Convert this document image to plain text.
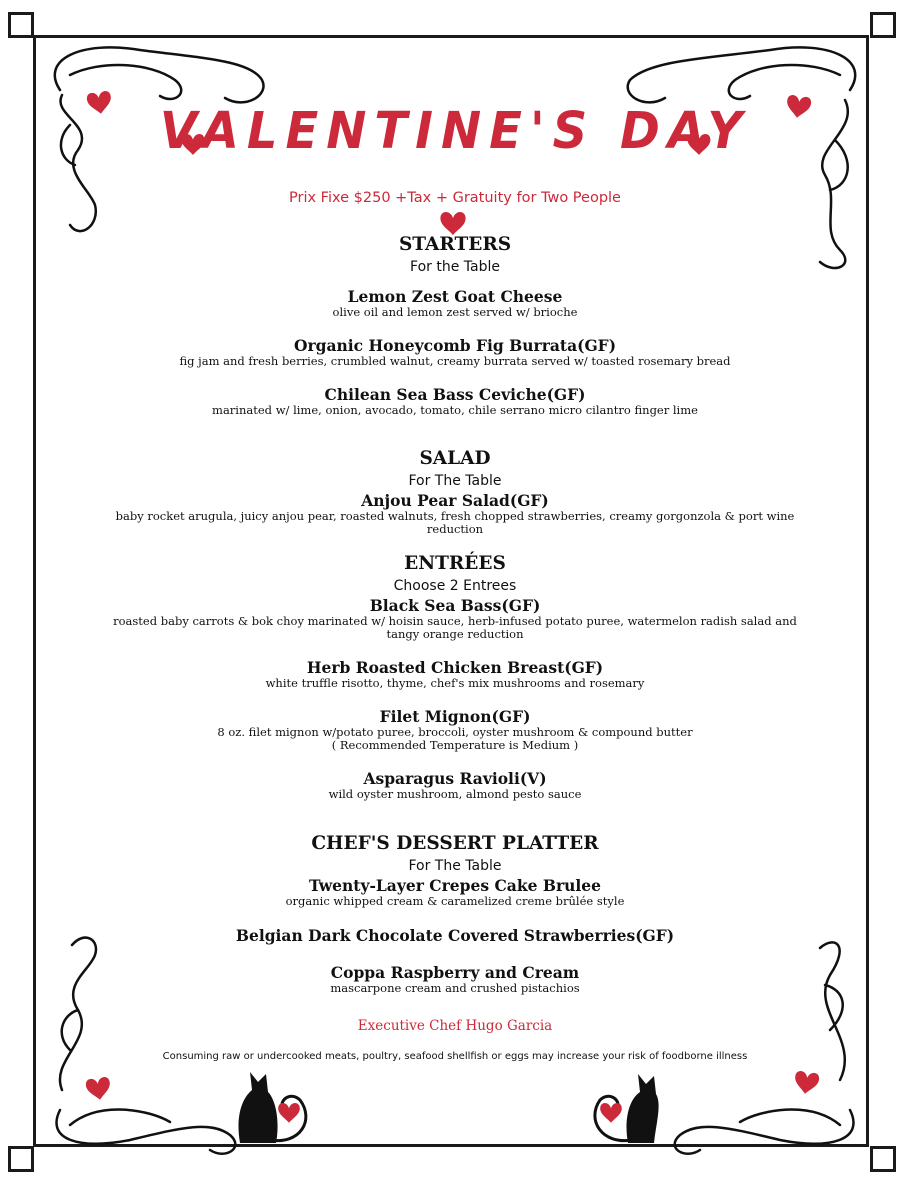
VALENTINE'S DAY
Prix Fixe $250 +Tax + Gratuity for Two People

STARTERS

For the Table

Lemon Zest Goat Cheese

olive oil and lemon zest served w/ brioche

Organic Honeycomb Fig Burrata(GF)

fig jam and fresh berries, crumbled walnut, creamy burrata served w/ toasted rosemary bread

Chilean Sea Bass Ceviche(GF)

marinated w/ lime, onion, avocado, tomato, chile serrano micro cilantro finger lime

SALAD

For The Table

Anjou Pear Salad(GF)

baby rocket arugula, juicy anjou pear, roasted walnuts, fresh chopped strawberries, creamy gorgonzola & port wine reduction

ENTRÉES

Choose 2 Entrees

Black Sea Bass(GF)

roasted baby carrots & bok choy marinated w/ hoisin sauce, herb-infused potato puree, watermelon radish salad and tangy orange reduction

Herb Roasted Chicken Breast(GF)

white truffle risotto, thyme, chef's mix mushrooms and rosemary

Filet Mignon(GF)

8 oz. filet mignon w/potato puree, broccoli, oyster mushroom & compound butter

( Recommended Temperature is Medium )

Asparagus Ravioli(V)

wild oyster mushroom, almond pesto sauce

CHEF'S DESSERT PLATTER

For The Table

Twenty-Layer Crepes Cake Brulee

organic whipped cream & caramelized creme brûlée style

Belgian Dark Chocolate Covered Strawberries(GF)

Coppa Raspberry and Cream

mascarpone cream and crushed pistachios

Executive Chef Hugo Garcia
Consuming raw or undercooked meats, poultry, seafood shellfish or eggs may increase your risk of foodborne illness
